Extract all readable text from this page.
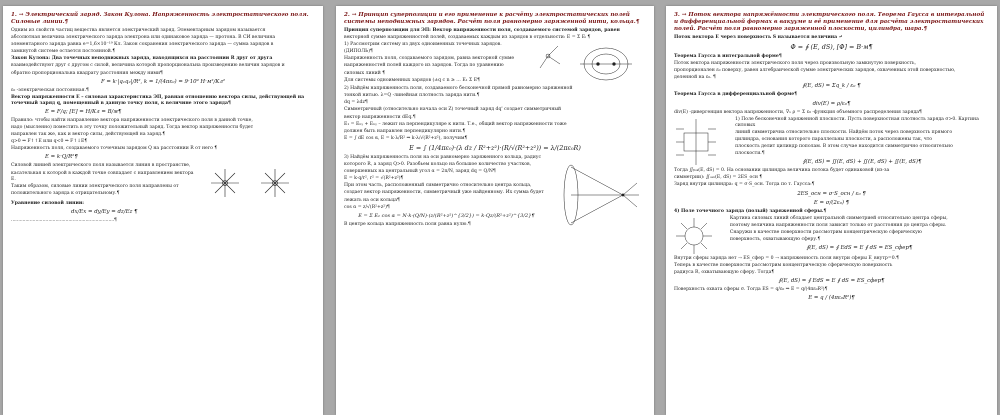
1. → Электрический заряд. Закон Кулона. Напряженность электростатического поля. Силовые линии.¶
Одним из свойств частиц вещества является электрический заряд. Элементарным зарядом называется
абсолютная величина электрического заряда электрона или одинаковое заряда — протона. В СИ величина
элементарного заряда равна e=1,6×10⁻¹⁹ Кл. Закон сохранения электрического заряда — сумма зарядов в
замкнутой системе остается постоянной.¶
Закон Кулона: Два точечных неподвижных заряда, находящихся на расстоянии R друг от друга
взаимодействуют друг с другом с силой, величина которой пропорциональна произведению величин зарядов и
обратно пропорциональна квадрату расстояния между ними¶
F = k·|q₁q₂|/R², k = 1/(4πε₀) = 9·10⁹ Н·м²/Кл²
ε₀ -электрическая постоянная.¶
Вектор напряженности Е – силовая характеристика ЭП, равная отношению вектора силы, действующей на точечный заряд q, помещенный в данную точку поля, к величине этого заряда¶
E = F/q; [E] = Н/Кл = В/м¶
Правило: чтобы найти направление вектора напряженности электрического поля в данной точке,
надо (мысленно) поместить в эту точку положительный заряд. Тогда вектор напряженности будет
направлен так же, как и вектор силы, действующей на заряд.¶
q>0 ⇒ F↑↑E или q<0 ⇒ F↑↓E¶
Напряженность поля, создаваемого точечным зарядом Q на расстоянии R от него ¶
E = k·Q/R²¶
Силовой линией электрического поля называется линия в пространстве,
касательная к которой в каждой точке совпадает с направлением вектора E.
Таким образом, силовые линии электрического поля направлены от
положительного заряда к отрицательному.¶
Уравнение силовой линии:
dx/Ex = dy/Ey = dz/Ez ¶
………………………………………………………………¶
2. → Принцип суперпозиции и его применение к расчёту электростатических полей системы неподвижных зарядов. Расчёт поля равномерно заряженной нити, кольца.¶
Принцип суперпозиции для ЭП: Вектор напряженности поля, создаваемого системой зарядов, равен
векторной сумме напряженностей полей, создаваемых каждым из зарядов в отдельности: E = Σ Eᵢ ¶
1) Рассмотрим систему из двух одноименных точечных зарядов.
(ДИПОЛЬ)¶
Напряженность поля, создаваемого зарядом, равна векторной сумме
напряженностей полей каждого из зарядов. Тогда по уравнению
силовых линий ¶
Для системы одноименных зарядов (±q с n ≥ … E₁ Σ E¶
2) Найдём напряженность поля, создаваемого бесконечной прямой равномерно заряженной
тонкой нитью. λ=Q -линейная плотность заряда нити.¶
dq = λdz¶
Симметричный (относительно начала оси Z) точечный заряд dq' создает симметричный
вектор напряженности dEq.¶
E₁ = Eₙᵧ + Eₙᵧ – лежит на перпендикуляре к нити. Т.е., общий вектор напряженности тоже
должен быть направлен перпендикулярно нити.¶
E = ∫ dE cos α, E = k·λ/R² ⇒ k·λ/√(R²+z²), получим¶
E = ∫ (1/4πε₀)·(λ dz / R²+z²)·(R/√(R²+z²)) = λ/(2πε₀R)
3) Найдём напряженность поля на оси равномерно заряженного кольца, радиус
которого R, а заряд Q>0. Разобьем кольцо на большое количество участков,
совершенных на центральный угол α = 2π/N, заряд dq = Q/N¶
E = k·q/r², r² = √(R²+z²)¶
При этом часть, расположенный симметрично относительно центра кольца,
создает вектор напряженности, симметричный уже найденному. Их сумма будет
лежать на оси кольца¶
cos α = z/√(R²+z²)¶
E = Σ E₁ cos α = N·k·(Q/N)·(z/(R²+z²)^{3/2}) = k·Qz/(R²+z²)^{3/2}¶
В центре кольца напряженность поля равна нулю.¶
3. → Поток вектора напряжённости электрического поля. Теорема Гаусса в интегральной и дифференциальной формах в вакууме и её применение для расчёта электростатических полей. Расчёт поля равномерно заряженной плоскости, цилиндра, шара.¶
Поток вектора E через поверхность S называется величина ↵
Φ = ∮ (E, dS), [Φ] = В·м¶
Теорема Гаусса в интегральной форме¶
Поток вектора напряженности электрического поля через произвольную замкнутую поверхность,
пропорционален ε₀ поверху, равен алгебраической сумме электрических зарядов, охваченных этой поверхностью,
деленной на ε₀. ¶
∮(E, dS) = Σq_k / ε₀ ¶
Теорема Гаусса в дифференциальной форме¶
div(E) = ρ/ε₀¶
div(E) -дивергенция вектора напряженности, ∇ₓ ρ = Σ ε₀ -функция объемного распределения заряда¶
1) Поле бесконечной заряженной плоскости. Пусть поверхностная плотность заряда σ>0. Картина силовых
линий симметрична относительно плоскости. Найдём поток через поверхность прямого
цилиндра, основания которого параллельны плоскости, а расположены так, что
плоскость делит цилиндр пополам. В этом случае находится симметрично относительно
плоскости.¶
∮(E, dS) = ∬(E, dS) + ∬(E, dS) + ∬(E, dS)¶
Тогда ∬ᵦₒₖ(E, dS) = 0. На основании цилиндра величина потока будет одинаковой (из-за
симметрии): ∬ₒₛₙ(E, dS) = 2ES_осн ¶
Заряд внутри цилиндра: q = σ·S_осн. Тогда по т. Гаусса:¶
2ES_осн = σ·S_осн / ε₀ ¶
E = σ/(2ε₀) ¶
4) Поле точечного заряда (полый) заряженной сферы.¶
Картина силовых линий обладает центральной симметрией относительно центра сферы,
поэтому величина напряженности поля зависит только от расстояния до центра сферы.
Снаружи в качестве поверхности рассмотрим концентрическую сферическую
поверхность, охватывающую сферу.¶
∮(E, dS) = ∮ EdS = E ∮ dS = ES_сфер¶
Внутри сферы заряда нет → ES_сфер = 0 → напряженность поля внутри сферы E_внутр=0.¶
Теперь в качестве поверхности рассмотрим концентрическую сферическую поверхность
радиуса R, охватывающую сферу. Тогда¶
∮(E, dS) = ∮ EdS = E ∮ dS = ES_сфер¶
Поверхность охвата сферы σ. Тогда ES = q/ε₀ ⇒ E = q/(4πε₀R²)¶
E = q / (4πε₀R²)¶
